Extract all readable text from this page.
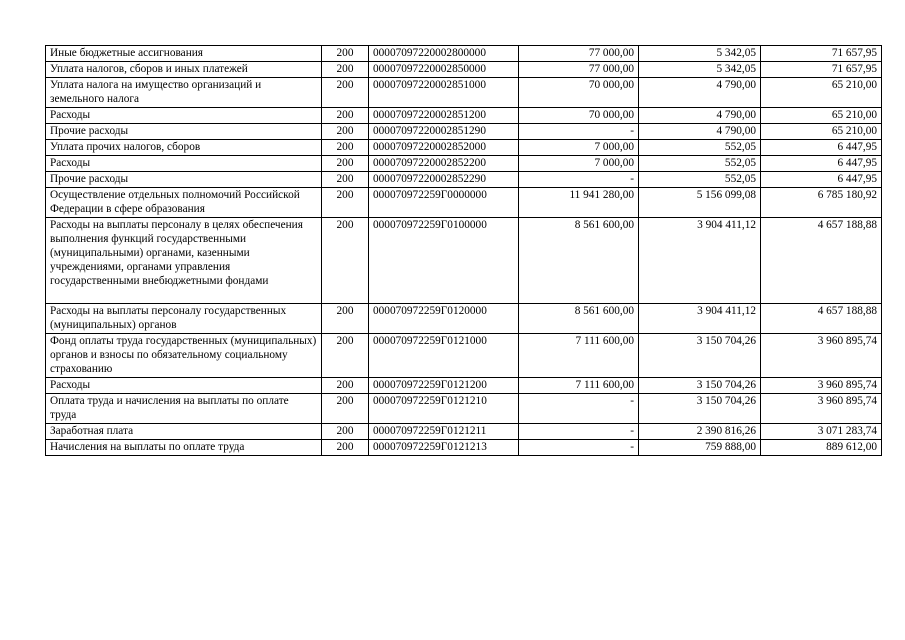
Иные бюджетные ассигнования	200	00007097220002800000	77 000,00	5 342,05	71 657,95
Уплата налогов, сборов и иных платежей	200	00007097220002850000	77 000,00	5 342,05	71 657,95
Уплата налога на имущество организаций и земельного налога	200	00007097220002851000	70 000,00	4 790,00	65 210,00
Расходы	200	00007097220002851200	70 000,00	4 790,00	65 210,00
Прочие расходы	200	00007097220002851290	-	4 790,00	65 210,00
Уплата прочих налогов, сборов	200	00007097220002852000	7 000,00	552,05	6 447,95
Расходы	200	00007097220002852200	7 000,00	552,05	6 447,95
Прочие расходы	200	00007097220002852290	-	552,05	6 447,95
Осуществление отдельных полномочий Российской Федерации в сфере образования	200	000070972259Г0000000	11 941 280,00	5 156 099,08	6 785 180,92
Расходы на выплаты персоналу в целях обеспечения выполнения функций государственными (муниципальными) органами, казенными учреждениями, органами управления государственными внебюджетными фондами	200	000070972259Г0100000	8 561 600,00	3 904 411,12	4 657 188,88
Расходы на выплаты персоналу государственных (муниципальных) органов	200	000070972259Г0120000	8 561 600,00	3 904 411,12	4 657 188,88
Фонд оплаты труда государственных (муниципальных) органов и взносы по обязательному социальному страхованию	200	000070972259Г0121000	7 111 600,00	3 150 704,26	3 960 895,74
Расходы	200	000070972259Г0121200	7 111 600,00	3 150 704,26	3 960 895,74
Оплата труда и начисления на выплаты по оплате труда	200	000070972259Г0121210	-	3 150 704,26	3 960 895,74
Заработная плата	200	000070972259Г0121211	-	2 390 816,26	3 071 283,74
Начисления на выплаты по оплате труда	200	000070972259Г0121213	-	759 888,00	889 612,00
